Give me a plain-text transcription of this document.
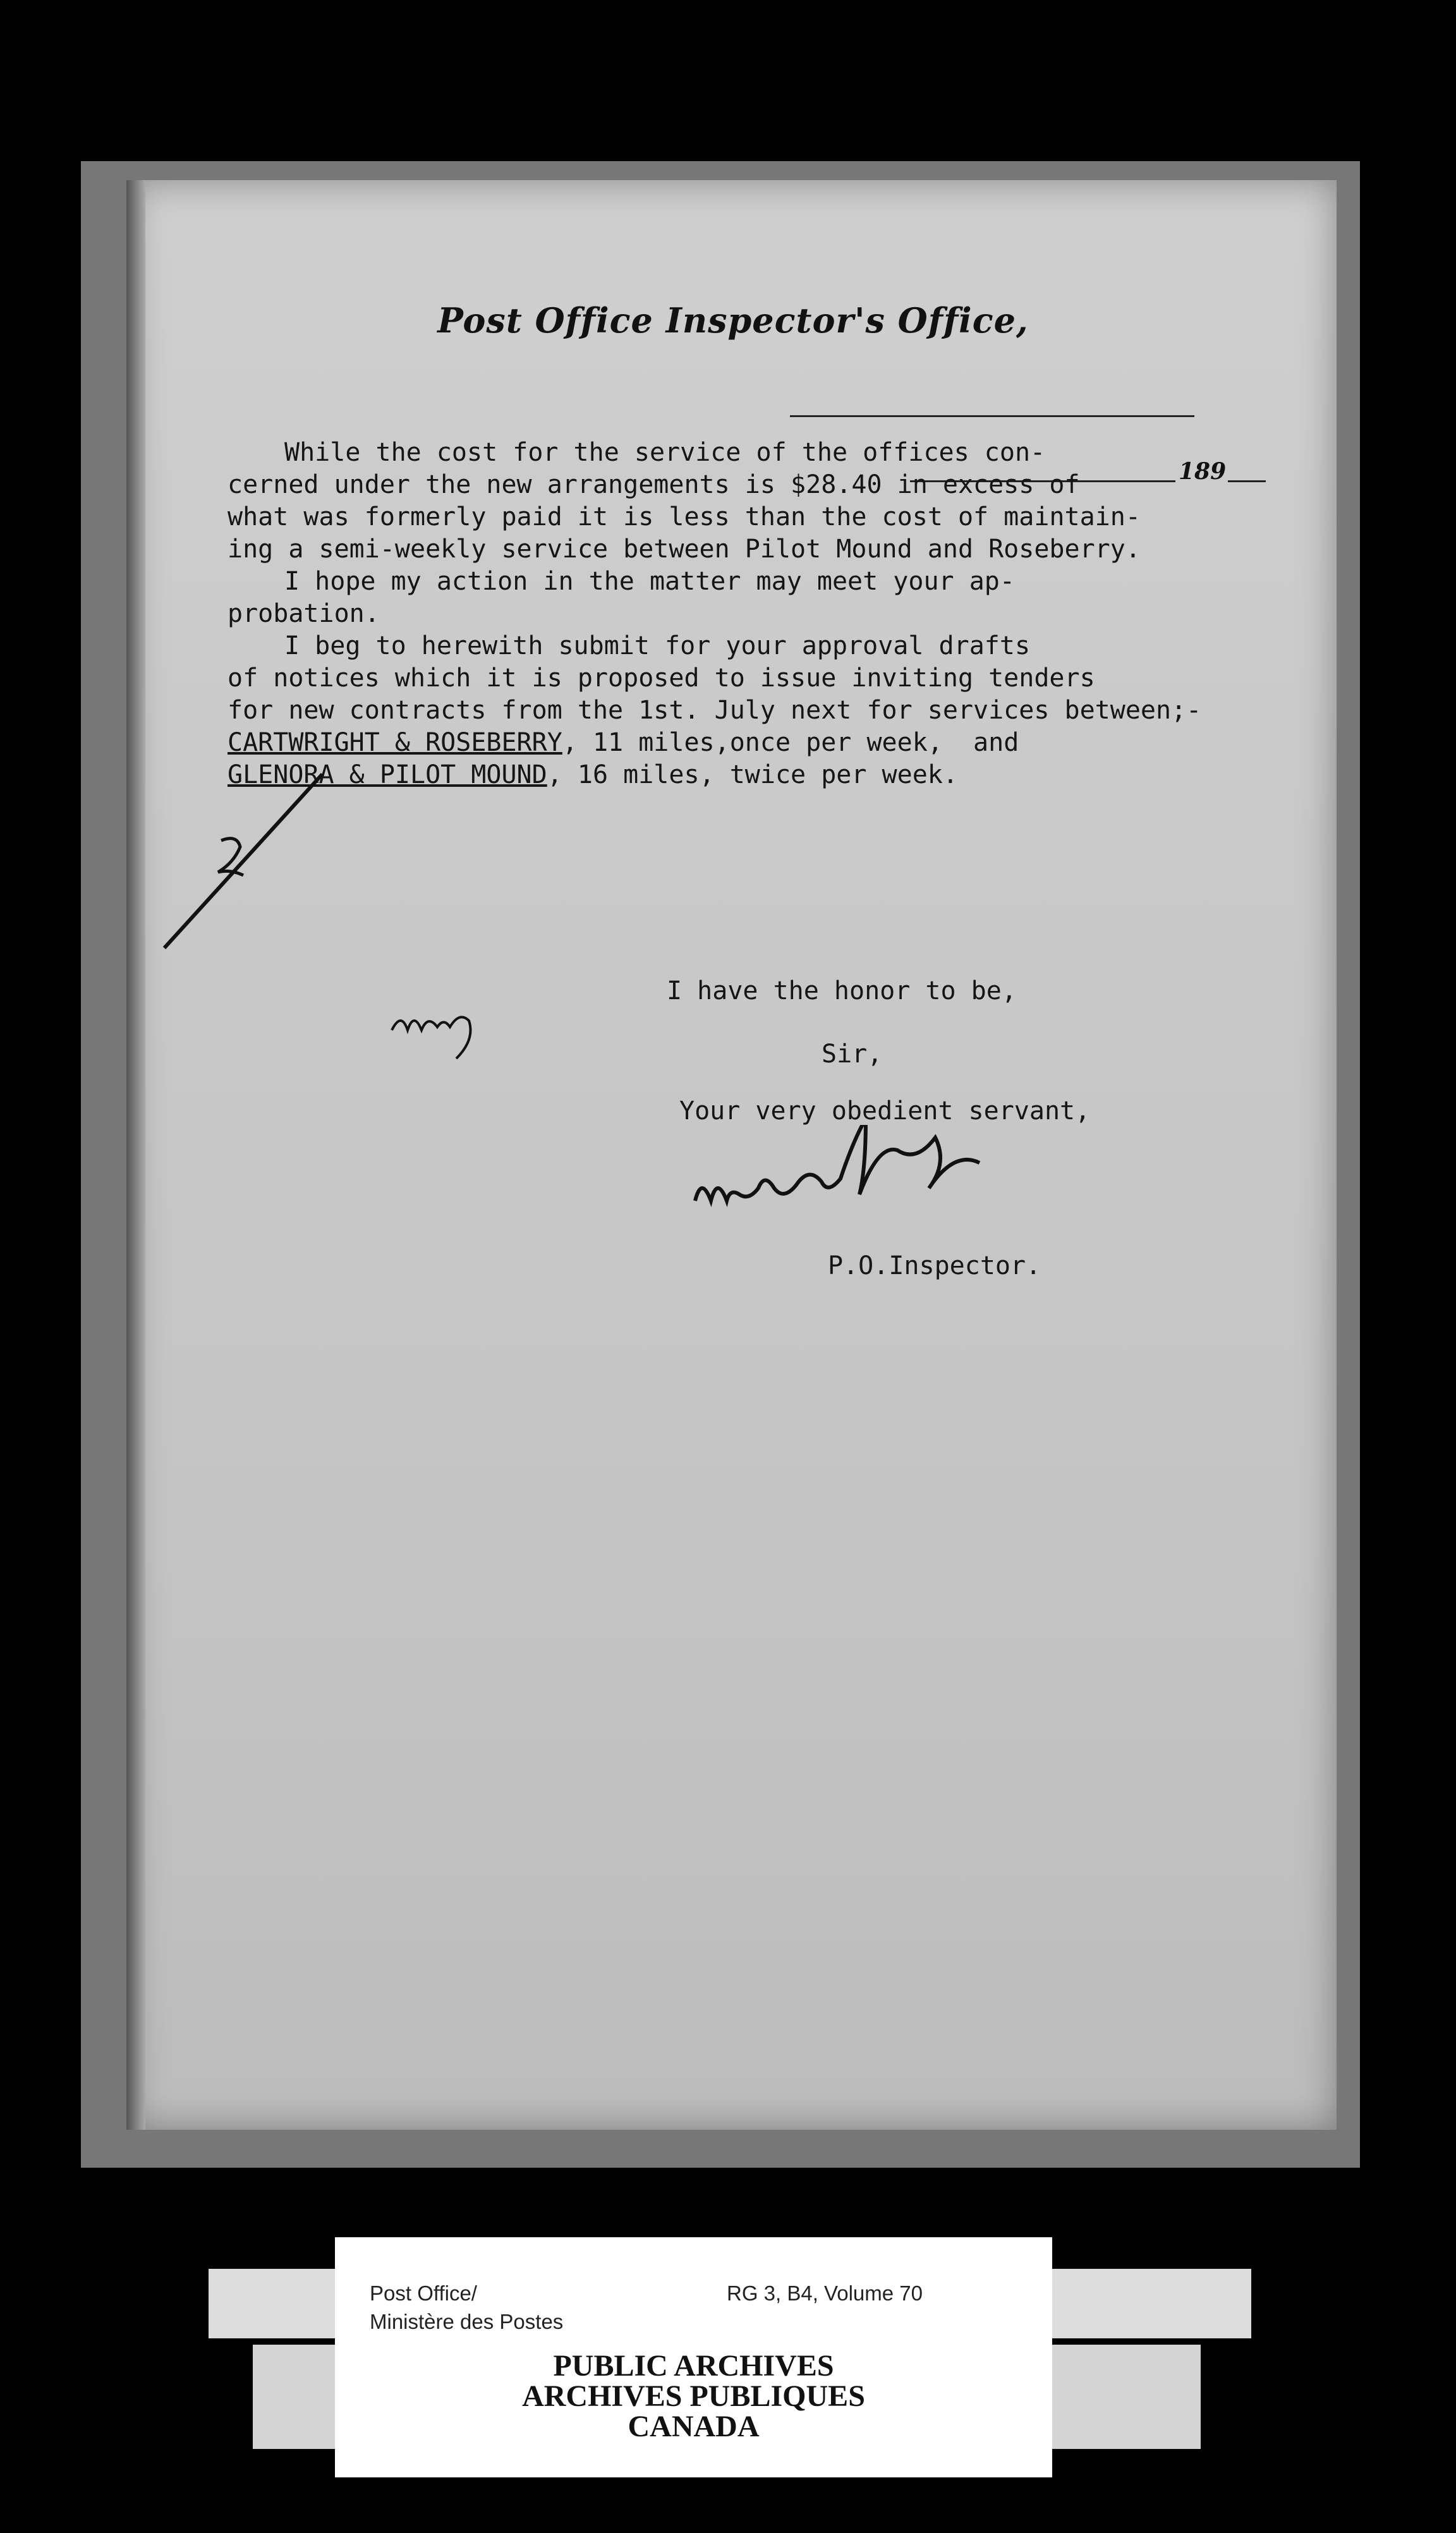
Post Office Inspector's Office,
189

While the cost for the service of the offices con-
cerned under the new arrangements is $28.40 in excess of
what was formerly paid it is less than the cost of maintain-
ing a semi-weekly service between Pilot Mound and Roseberry.
I hope my action in the matter may meet your ap-
probation.
I beg to herewith submit for your approval drafts
of notices which it is proposed to issue inviting tenders
for new contracts from the 1st. July next for services between;-
CARTWRIGHT & ROSEBERRY, 11 miles,once per week,  and
GLENORA & PILOT MOUND, 16 miles, twice per week.

I have the honor to be,
Sir,
Your very obedient servant,
P.O.Inspector.
Post Office/
Ministère des Postes
RG 3, B4, Volume 70
PUBLIC ARCHIVES
ARCHIVES PUBLIQUES
CANADA
